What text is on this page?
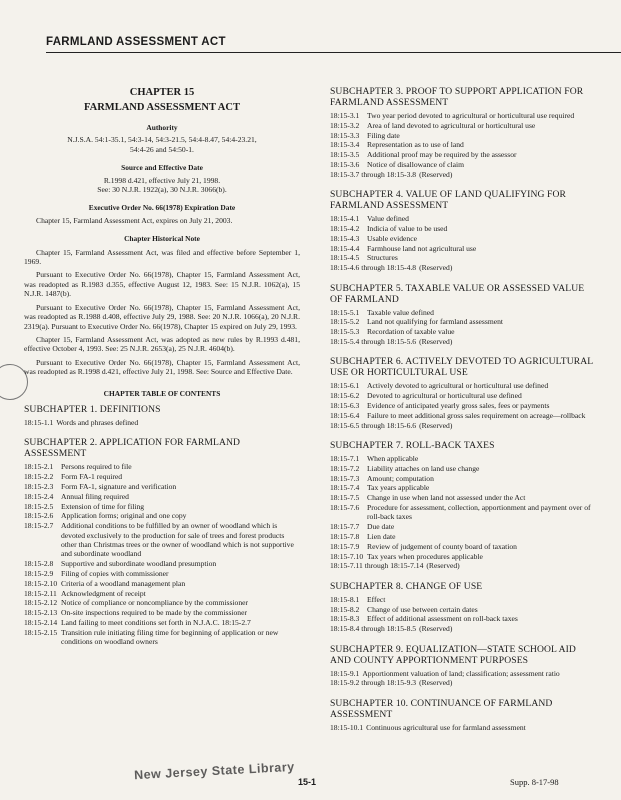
FARMLAND ASSESSMENT ACT
CHAPTER 15
FARMLAND ASSESSMENT ACT
Authority
N.J.S.A. 54:1-35.1, 54:3-14, 54:3-21.5, 54:4-8.47, 54:4-23.21, 54:4-26 and 54:50-1.
Source and Effective Date
R.1998 d.421, effective July 21, 1998.
See: 30 N.J.R. 1922(a), 30 N.J.R. 3066(b).
Executive Order No. 66(1978) Expiration Date
Chapter 15, Farmland Assessment Act, expires on July 21, 2003.
Chapter Historical Note
Chapter 15, Farmland Assessment Act, was filed and effective before September 1, 1969.
Pursuant to Executive Order No. 66(1978), Chapter 15, Farmland Assessment Act, was readopted as R.1983 d.355, effective August 12, 1983. See: 15 N.J.R. 1062(a), 15 N.J.R. 1487(b).
Pursuant to Executive Order No. 66(1978), Chapter 15, Farmland Assessment Act, was readopted as R.1988 d.408, effective July 29, 1988. See: 20 N.J.R. 1066(a), 20 N.J.R. 2319(a). Pursuant to Executive Order No. 66(1978), Chapter 15 expired on July 29, 1993.
Chapter 15, Farmland Assessment Act, was adopted as new rules by R.1993 d.481, effective October 4, 1993. See: 25 N.J.R. 2653(a), 25 N.J.R. 4604(b).
Pursuant to Executive Order No. 66(1978), Chapter 15, Farmland Assessment Act, was readopted as R.1998 d.421, effective July 21, 1998. See: Source and Effective Date.
CHAPTER TABLE OF CONTENTS
SUBCHAPTER 1. DEFINITIONS
18:15-1.1 Words and phrases defined
SUBCHAPTER 2. APPLICATION FOR FARMLAND ASSESSMENT
18:15-2.1	Persons required to file
18:15-2.2	Form FA-1 required
18:15-2.3	Form FA-1, signature and verification
18:15-2.4	Annual filing required
18:15-2.5	Extension of time for filing
18:15-2.6	Application forms; original and one copy
18:15-2.7	Additional conditions to be fulfilled by an owner of woodland which is devoted exclusively to the production for sale of trees and forest products other than Christmas trees or the owner of woodland which is not supportive and subordinate woodland
18:15-2.8	Supportive and subordinate woodland presumption
18:15-2.9	Filing of copies with commissioner
18:15-2.10 Criteria of a woodland management plan
18:15-2.11 Acknowledgment of receipt
18:15-2.12 Notice of compliance or noncompliance by the commissioner
18:15-2.13 On-site inspections required to be made by the commissioner
18:15-2.14 Land failing to meet conditions set forth in N.J.A.C. 18:15-2.7
18:15-2.15 Transition rule initiating filing time for beginning of application or new conditions on woodland owners
SUBCHAPTER 3. PROOF TO SUPPORT APPLICATION FOR FARMLAND ASSESSMENT
18:15-3.1	Two year period devoted to agricultural or horticultural use required
18:15-3.2	Area of land devoted to agricultural or horticultural use
18:15-3.3	Filing date
18:15-3.4	Representation as to use of land
18:15-3.5	Additional proof may be required by the assessor
18:15-3.6	Notice of disallowance of claim
18:15-3.7 through 18:15-3.8 (Reserved)
SUBCHAPTER 4. VALUE OF LAND QUALIFYING FOR FARMLAND ASSESSMENT
18:15-4.1	Value defined
18:15-4.2	Indicia of value to be used
18:15-4.3	Usable evidence
18:15-4.4	Farmhouse land not agricultural use
18:15-4.5	Structures
18:15-4.6 through 18:15-4.8 (Reserved)
SUBCHAPTER 5. TAXABLE VALUE OR ASSESSED VALUE OF FARMLAND
18:15-5.1	Taxable value defined
18:15-5.2	Land not qualifying for farmland assessment
18:15-5.3	Recordation of taxable value
18:15-5.4 through 18:15-5.6 (Reserved)
SUBCHAPTER 6. ACTIVELY DEVOTED TO AGRICULTURAL USE OR HORTICULTURAL USE
18:15-6.1	Actively devoted to agricultural or horticultural use defined
18:15-6.2	Devoted to agricultural or horticultural use defined
18:15-6.3	Evidence of anticipated yearly gross sales, fees or payments
18:15-6.4	Failure to meet additional gross sales requirement on acreage—rollback
18:15-6.5 through 18:15-6.6 (Reserved)
SUBCHAPTER 7. ROLL-BACK TAXES
18:15-7.1	When applicable
18:15-7.2	Liability attaches on land use change
18:15-7.3	Amount; computation
18:15-7.4	Tax years applicable
18:15-7.5	Change in use when land not assessed under the Act
18:15-7.6	Procedure for assessment, collection, apportionment and payment over of roll-back taxes
18:15-7.7	Due date
18:15-7.8	Lien date
18:15-7.9	Review of judgement of county board of taxation
18:15-7.10 Tax years when procedures applicable
18:15-7.11 through 18:15-7.14 (Reserved)
SUBCHAPTER 8. CHANGE OF USE
18:15-8.1	Effect
18:15-8.2	Change of use between certain dates
18:15-8.3	Effect of additional assessment on roll-back taxes
18:15-8.4 through 18:15-8.5 (Reserved)
SUBCHAPTER 9. EQUALIZATION—STATE SCHOOL AID AND COUNTY APPORTIONMENT PURPOSES
18:15-9.1 Apportionment valuation of land; classification; assessment ratio
18:15-9.2 through 18:15-9.3 (Reserved)
SUBCHAPTER 10. CONTINUANCE OF FARMLAND ASSESSMENT
18:15-10.1 Continuous agricultural use for farmland assessment
New Jersey State Library 15-1	Supp. 8-17-98
